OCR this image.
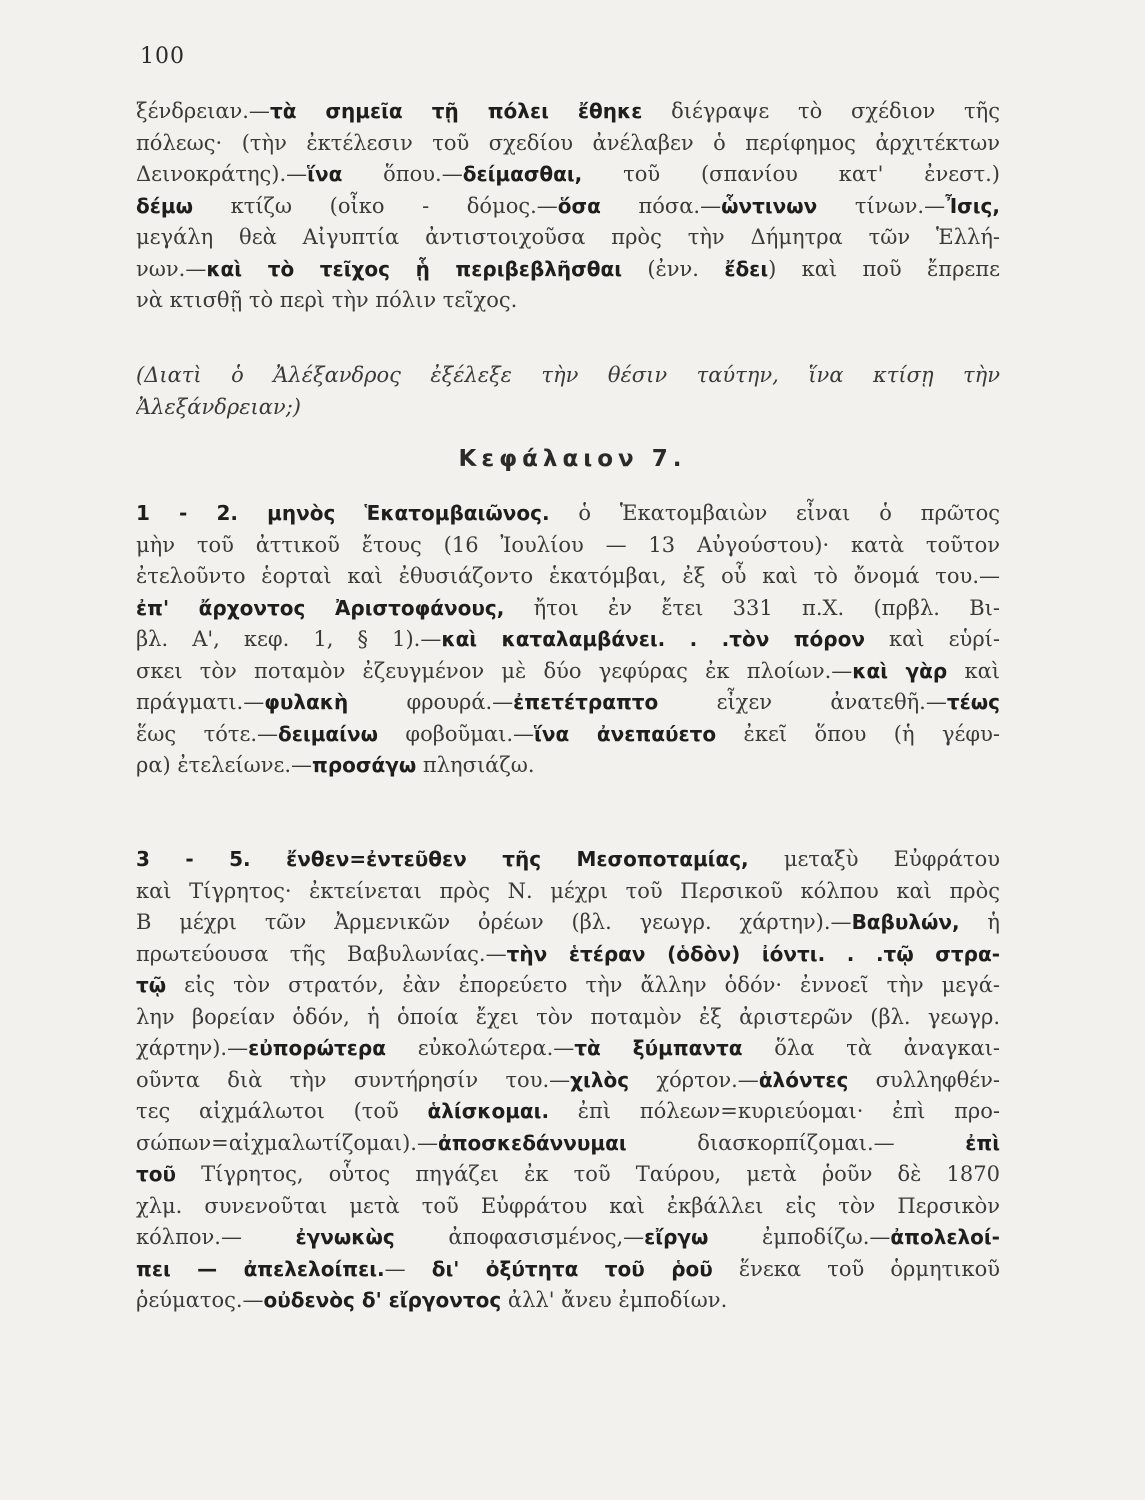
100
ξένδρειαν.—τὰ σημεῖα τῇ πόλει ἔθηκε διέγραψε τὸ σχέδιον τῆς
πόλεως· (τὴν ἐκτέλεσιν τοῦ σχεδίου ἀνέλαβεν ὁ περίφημος ἀρχιτέκτων
Δεινοκράτης).—ἵνα ὅπου.—δείμασθαι, τοῦ (σπανίου κατ' ἐνεστ.)
δέμω κτίζω (οἶκο - δόμος.—ὅσα πόσα.—ὧντινων τίνων.—Ἶσις,
μεγάλη θεὰ Αἰγυπτία ἀντιστοιχοῦσα πρὸς τὴν Δήμητρα τῶν Ἑλλή-
νων.—καὶ τὸ τεῖχος ᾗ περιβεβλῆσθαι (ἐνν. ἔδει) καὶ ποῦ ἔπρεπε
νὰ κτισθῇ τὸ περὶ τὴν πόλιν τεῖχος.
(Διατὶ ὁ Ἀλέξανδρος ἐξέλεξε τὴν θέσιν ταύτην, ἵνα κτίσῃ τὴν
Ἀλεξάνδρειαν;)
Κεφάλαιον 7.
1 - 2. μηνὸς Ἑκατομβαιῶνος. ὁ Ἑκατομβαιὼν εἶναι ὁ πρῶτος
μὴν τοῦ ἀττικοῦ ἔτους (16 Ἰουλίου — 13 Αὐγούστου)· κατὰ τοῦτον
ἐτελοῦντο ἑορταὶ καὶ ἐθυσιάζοντο ἑκατόμβαι, ἐξ οὗ καὶ τὸ ὄνομά του.—
ἐπ' ἄρχοντος Ἀριστοφάνους, ἤτοι ἐν ἔτει 331 π.Χ. (πρβλ. Βι-
βλ. Α', κεφ. 1, § 1).—καὶ καταλαμβάνει. . .τὸν πόρον καὶ εὑρί-
σκει τὸν ποταμὸν ἐζευγμένον μὲ δύο γεφύρας ἐκ πλοίων.—καὶ γὰρ καὶ
πράγματι.—φυλακὴ φρουρά.—ἐπετέτραπτο εἶχεν ἀνατεθῆ.—τέως
ἕως τότε.—δειμαίνω φοβοῦμαι.—ἵνα ἀνεπαύετο ἐκεῖ ὅπου (ἡ γέφυ-
ρα) ἐτελείωνε.—προσάγω πλησιάζω.
3 - 5. ἔνθεν=ἐντεῦθεν τῆς Μεσοποταμίας, μεταξὺ Εὐφράτου
καὶ Τίγρητος· ἐκτείνεται πρὸς Ν. μέχρι τοῦ Περσικοῦ κόλπου καὶ πρὸς
Β μέχρι τῶν Ἀρμενικῶν ὀρέων (βλ. γεωγρ. χάρτην).—Βαβυλών, ἡ
πρωτεύουσα τῆς Βαβυλωνίας.—τὴν ἑτέραν (ὁδὸν) ἰόντι. . .τῷ στρα-
τῷ εἰς τὸν στρατόν, ἐὰν ἐπορεύετο τὴν ἄλλην ὁδόν· ἐννοεῖ τὴν μεγά-
λην βορείαν ὁδόν, ἡ ὁποία ἔχει τὸν ποταμὸν ἐξ ἀριστερῶν (βλ. γεωγρ.
χάρτην).—εὐπορώτερα εὐκολώτερα.—τὰ ξύμπαντα ὅλα τὰ ἀναγκαι-
οῦντα διὰ τὴν συντήρησίν του.—χιλὸς χόρτον.—ἁλόντες συλληφθέν-
τες αἰχμάλωτοι (τοῦ ἁλίσκομαι. ἐπὶ πόλεων=κυριεύομαι· ἐπὶ προ-
σώπων=αἰχμαλωτίζομαι).—ἀποσκεδάννυμαι διασκορπίζομαι.— ἐπὶ
τοῦ Τίγρητος, οὗτος πηγάζει ἐκ τοῦ Ταύρου, μετὰ ῥοῦν δὲ 1870
χλμ. συνενοῦται μετὰ τοῦ Εὐφράτου καὶ ἐκβάλλει εἰς τὸν Περσικὸν
κόλπον.— ἐγνωκὼς ἀποφασισμένος,—εἴργω ἐμποδίζω.—ἀπολελοί-
πει — ἀπελελοίπει.— δι' ὀξύτητα τοῦ ῥοῦ ἕνεκα τοῦ ὁρμητικοῦ
ῥεύματος.—οὐδενὸς δ' εἴργοντος ἀλλ' ἄνευ ἐμποδίων.
